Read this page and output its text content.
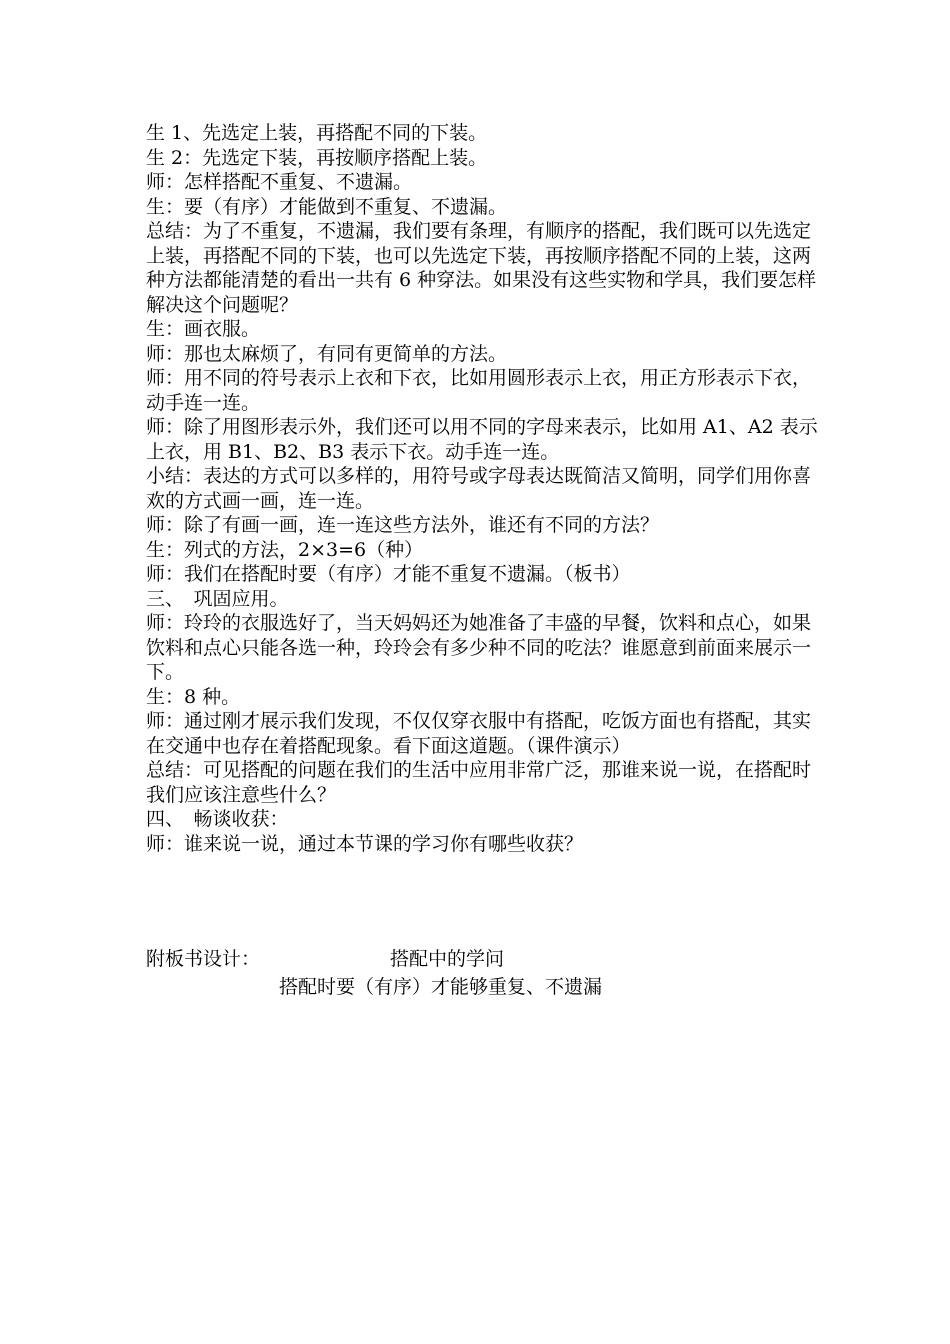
生 1、先选定上装，再搭配不同的下装。

生 2：先选定下装，再按顺序搭配上装。

师：怎样搭配不重复、不遗漏。

生：要（有序）才能做到不重复、不遗漏。

总结：为了不重复，不遗漏，我们要有条理，有顺序的搭配，我们既可以先选定上装，再搭配不同的下装，也可以先选定下装，再按顺序搭配不同的上装，这两种方法都能清楚的看出一共有 6 种穿法。如果没有这些实物和学具，我们要怎样解决这个问题呢？

生：画衣服。

师：那也太麻烦了，有同有更简单的方法。

师：用不同的符号表示上衣和下衣，比如用圆形表示上衣，用正方形表示下衣，动手连一连。

师：除了用图形表示外，我们还可以用不同的字母来表示，比如用 A1、A2 表示上衣，用 B1、B2、B3 表示下衣。动手连一连。

小结：表达的方式可以多样的，用符号或字母表达既简洁又简明，同学们用你喜欢的方式画一画，连一连。

师：除了有画一画，连一连这些方法外，谁还有不同的方法？

生：列式的方法，2×3=6（种）

师：我们在搭配时要（有序）才能不重复不遗漏。（板书）

三、　巩固应用。

师：玲玲的衣服选好了，当天妈妈还为她准备了丰盛的早餐，饮料和点心，如果饮料和点心只能各选一种，玲玲会有多少种不同的吃法？谁愿意到前面来展示一下。

生：8 种。

师：通过刚才展示我们发现，不仅仅穿衣服中有搭配，吃饭方面也有搭配，其实在交通中也存在着搭配现象。看下面这道题。（课件演示）

总结：可见搭配的问题在我们的生活中应用非常广泛，那谁来说一说，在搭配时我们应该注意些什么？

四、　畅谈收获：

师：谁来说一说，通过本节课的学习你有哪些收获？

附板书设计：	搭配中的学问
搭配时要（有序）才能够重复、不遗漏
